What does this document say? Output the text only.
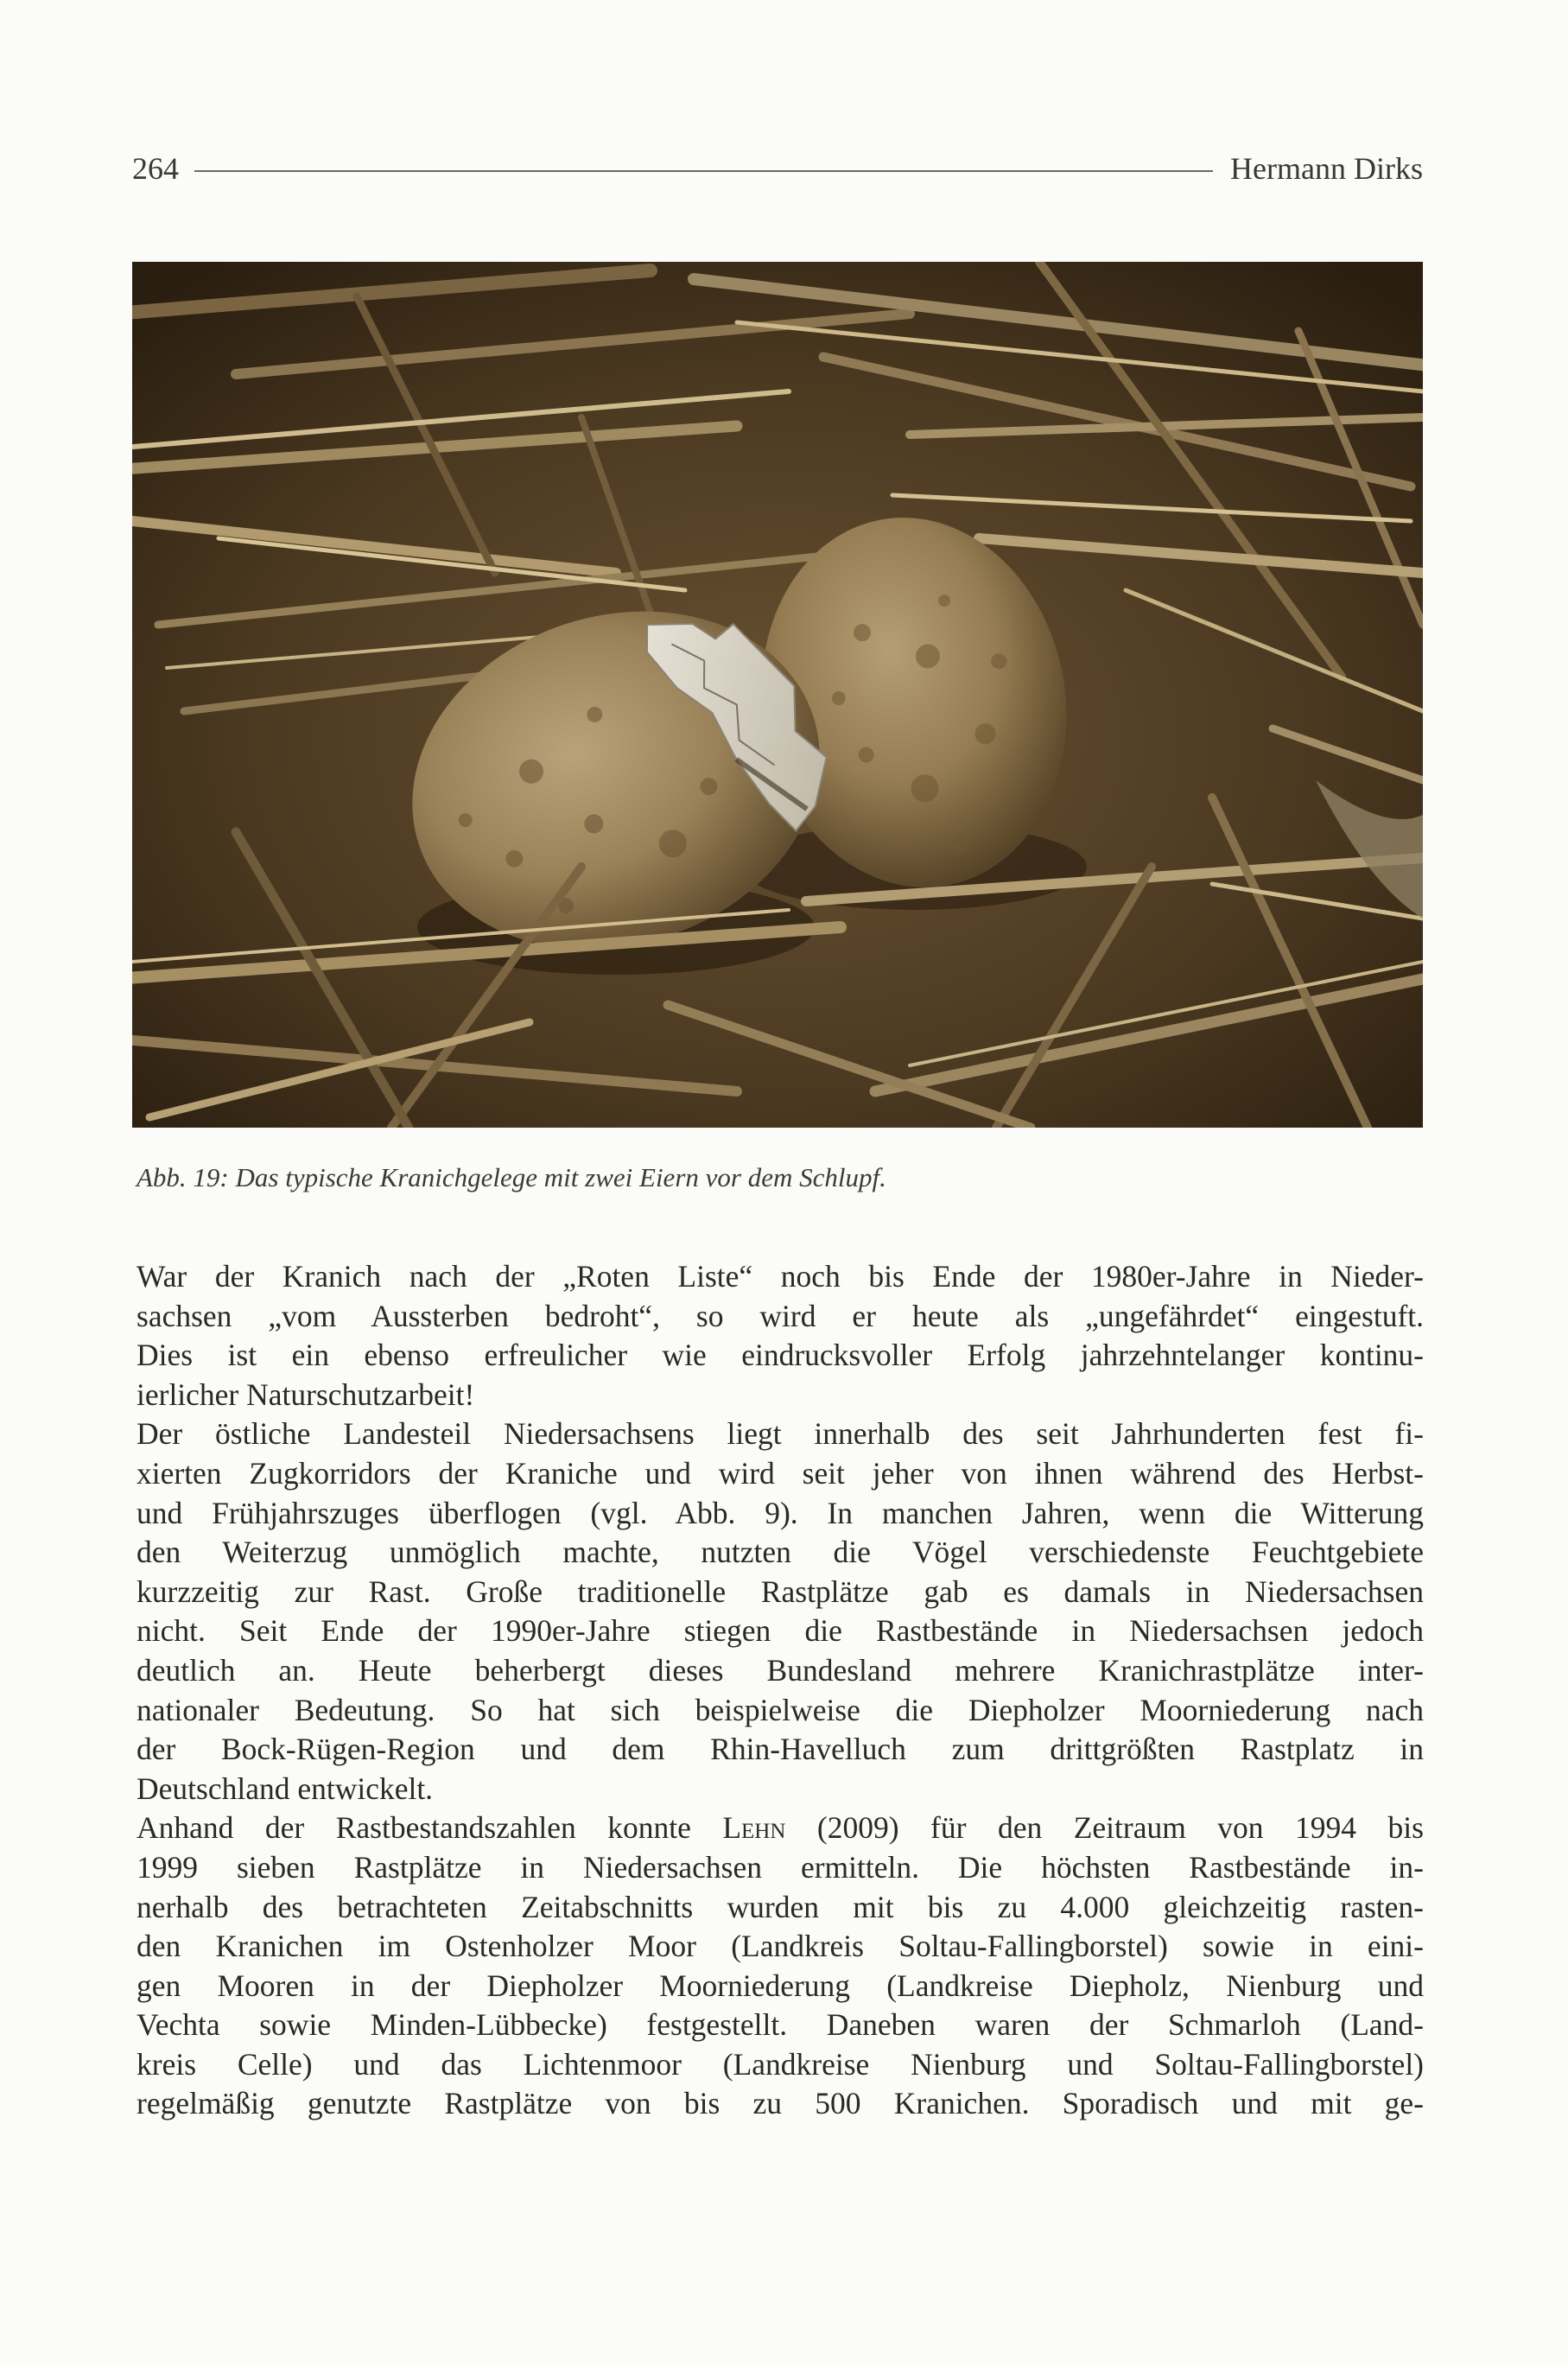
264	Hermann Dirks
Abb. 19: Das typische Kranichgelege mit zwei Eiern vor dem Schlupf.
War der Kranich nach der „Roten Liste“ noch bis Ende der 1980er-Jahre in Nieder-
sachsen „vom Aussterben bedroht“, so wird er heute als „ungefährdet“ eingestuft.
Dies ist ein ebenso erfreulicher wie eindrucksvoller Erfolg jahrzehntelanger kontinu-
ierlicher Naturschutzarbeit!
Der östliche Landesteil Niedersachsens liegt innerhalb des seit Jahrhunderten fest fi-
xierten Zugkorridors der Kraniche und wird seit jeher von ihnen während des Herbst-
und Frühjahrszuges überflogen (vgl. Abb. 9). In manchen Jahren, wenn die Witterung
den Weiterzug unmöglich machte, nutzten die Vögel verschiedenste Feuchtgebiete
kurzzeitig zur Rast. Große traditionelle Rastplätze gab es damals in Niedersachsen
nicht. Seit Ende der 1990er-Jahre stiegen die Rastbestände in Niedersachsen jedoch
deutlich an. Heute beherbergt dieses Bundesland mehrere Kranichrastplätze inter-
nationaler Bedeutung. So hat sich beispielweise die Diepholzer Moorniederung nach
der Bock-Rügen-Region und dem Rhin-Havelluch zum drittgrößten Rastplatz in
Deutschland entwickelt.
Anhand der Rastbestandszahlen konnte Lehn (2009) für den Zeitraum von 1994 bis
1999 sieben Rastplätze in Niedersachsen ermitteln. Die höchsten Rastbestände in-
nerhalb des betrachteten Zeitabschnitts wurden mit bis zu 4.000 gleichzeitig rasten-
den Kranichen im Ostenholzer Moor (Landkreis Soltau-Fallingborstel) sowie in eini-
gen Mooren in der Diepholzer Moorniederung (Landkreise Diepholz, Nienburg und
Vechta sowie Minden-Lübbecke) festgestellt. Daneben waren der Schmarloh (Land-
kreis Celle) und das Lichtenmoor (Landkreise Nienburg und Soltau-Fallingborstel)
regelmäßig genutzte Rastplätze von bis zu 500 Kranichen. Sporadisch und mit ge-
